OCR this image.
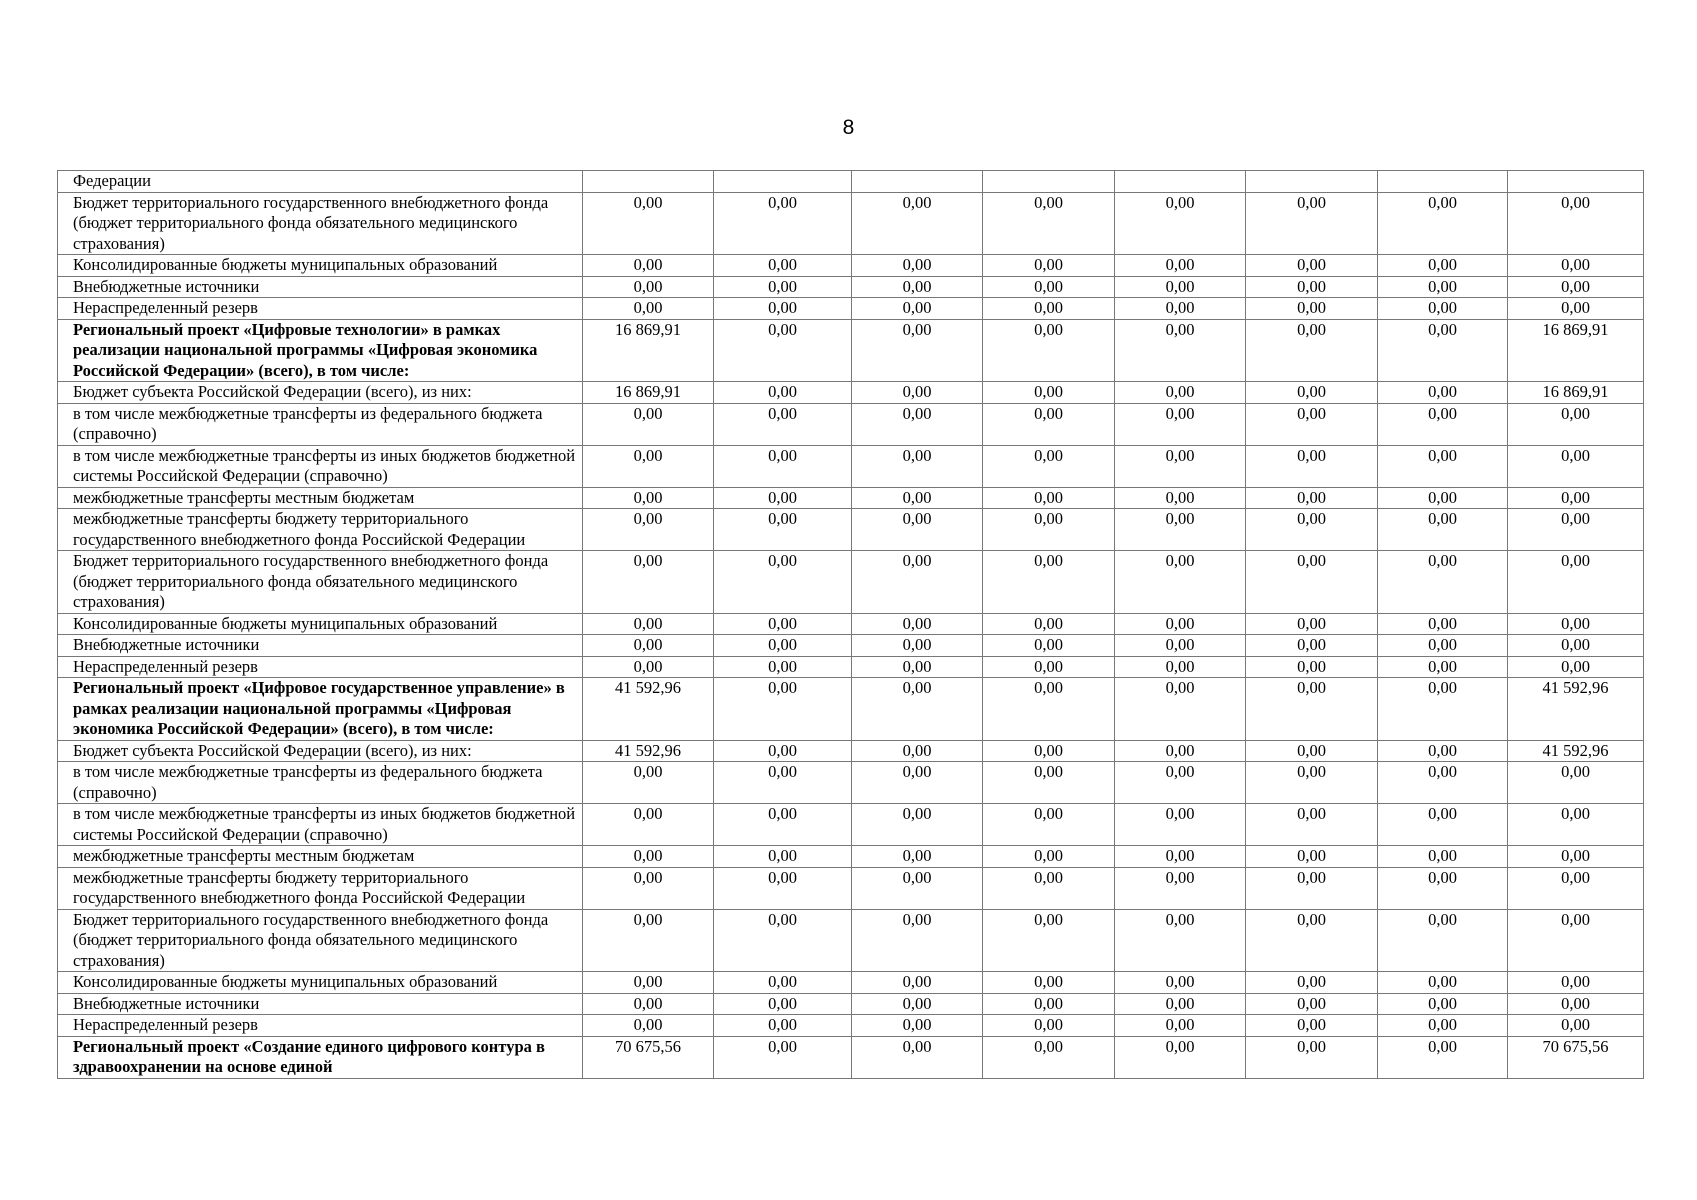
8
Федерации								
Бюджет территориального государственного внебюджетного фонда (бюджет территориального фонда обязательного медицинского страхования)	0,00	0,00	0,00	0,00	0,00	0,00	0,00	0,00
Консолидированные бюджеты муниципальных образований	0,00	0,00	0,00	0,00	0,00	0,00	0,00	0,00
Внебюджетные источники	0,00	0,00	0,00	0,00	0,00	0,00	0,00	0,00
Нераспределенный резерв	0,00	0,00	0,00	0,00	0,00	0,00	0,00	0,00
Региональный проект «Цифровые технологии» в рамках реализации национальной программы «Цифровая экономика Российской Федерации» (всего), в том числе:	16 869,91	0,00	0,00	0,00	0,00	0,00	0,00	16 869,91
Бюджет субъекта Российской Федерации (всего), из них:	16 869,91	0,00	0,00	0,00	0,00	0,00	0,00	16 869,91
в том числе межбюджетные трансферты из федерального бюджета (справочно)	0,00	0,00	0,00	0,00	0,00	0,00	0,00	0,00
в том числе межбюджетные трансферты из иных бюджетов бюджетной системы Российской Федерации (справочно)	0,00	0,00	0,00	0,00	0,00	0,00	0,00	0,00
межбюджетные трансферты местным бюджетам	0,00	0,00	0,00	0,00	0,00	0,00	0,00	0,00
межбюджетные трансферты бюджету территориального государственного внебюджетного фонда Российской Федерации	0,00	0,00	0,00	0,00	0,00	0,00	0,00	0,00
Бюджет территориального государственного внебюджетного фонда (бюджет территориального фонда обязательного медицинского страхования)	0,00	0,00	0,00	0,00	0,00	0,00	0,00	0,00
Консолидированные бюджеты муниципальных образований	0,00	0,00	0,00	0,00	0,00	0,00	0,00	0,00
Внебюджетные источники	0,00	0,00	0,00	0,00	0,00	0,00	0,00	0,00
Нераспределенный резерв	0,00	0,00	0,00	0,00	0,00	0,00	0,00	0,00
Региональный проект «Цифровое государственное управление» в рамках реализации национальной программы «Цифровая экономика Российской Федерации» (всего), в том числе:	41 592,96	0,00	0,00	0,00	0,00	0,00	0,00	41 592,96
Бюджет субъекта Российской Федерации (всего), из них:	41 592,96	0,00	0,00	0,00	0,00	0,00	0,00	41 592,96
в том числе межбюджетные трансферты из федерального бюджета (справочно)	0,00	0,00	0,00	0,00	0,00	0,00	0,00	0,00
в том числе межбюджетные трансферты из иных бюджетов бюджетной системы Российской Федерации (справочно)	0,00	0,00	0,00	0,00	0,00	0,00	0,00	0,00
межбюджетные трансферты местным бюджетам	0,00	0,00	0,00	0,00	0,00	0,00	0,00	0,00
межбюджетные трансферты бюджету территориального государственного внебюджетного фонда Российской Федерации	0,00	0,00	0,00	0,00	0,00	0,00	0,00	0,00
Бюджет территориального государственного внебюджетного фонда (бюджет территориального фонда обязательного медицинского страхования)	0,00	0,00	0,00	0,00	0,00	0,00	0,00	0,00
Консолидированные бюджеты муниципальных образований	0,00	0,00	0,00	0,00	0,00	0,00	0,00	0,00
Внебюджетные источники	0,00	0,00	0,00	0,00	0,00	0,00	0,00	0,00
Нераспределенный резерв	0,00	0,00	0,00	0,00	0,00	0,00	0,00	0,00
Региональный проект «Создание единого цифрового контура в здравоохранении на основе единой	70 675,56	0,00	0,00	0,00	0,00	0,00	0,00	70 675,56
